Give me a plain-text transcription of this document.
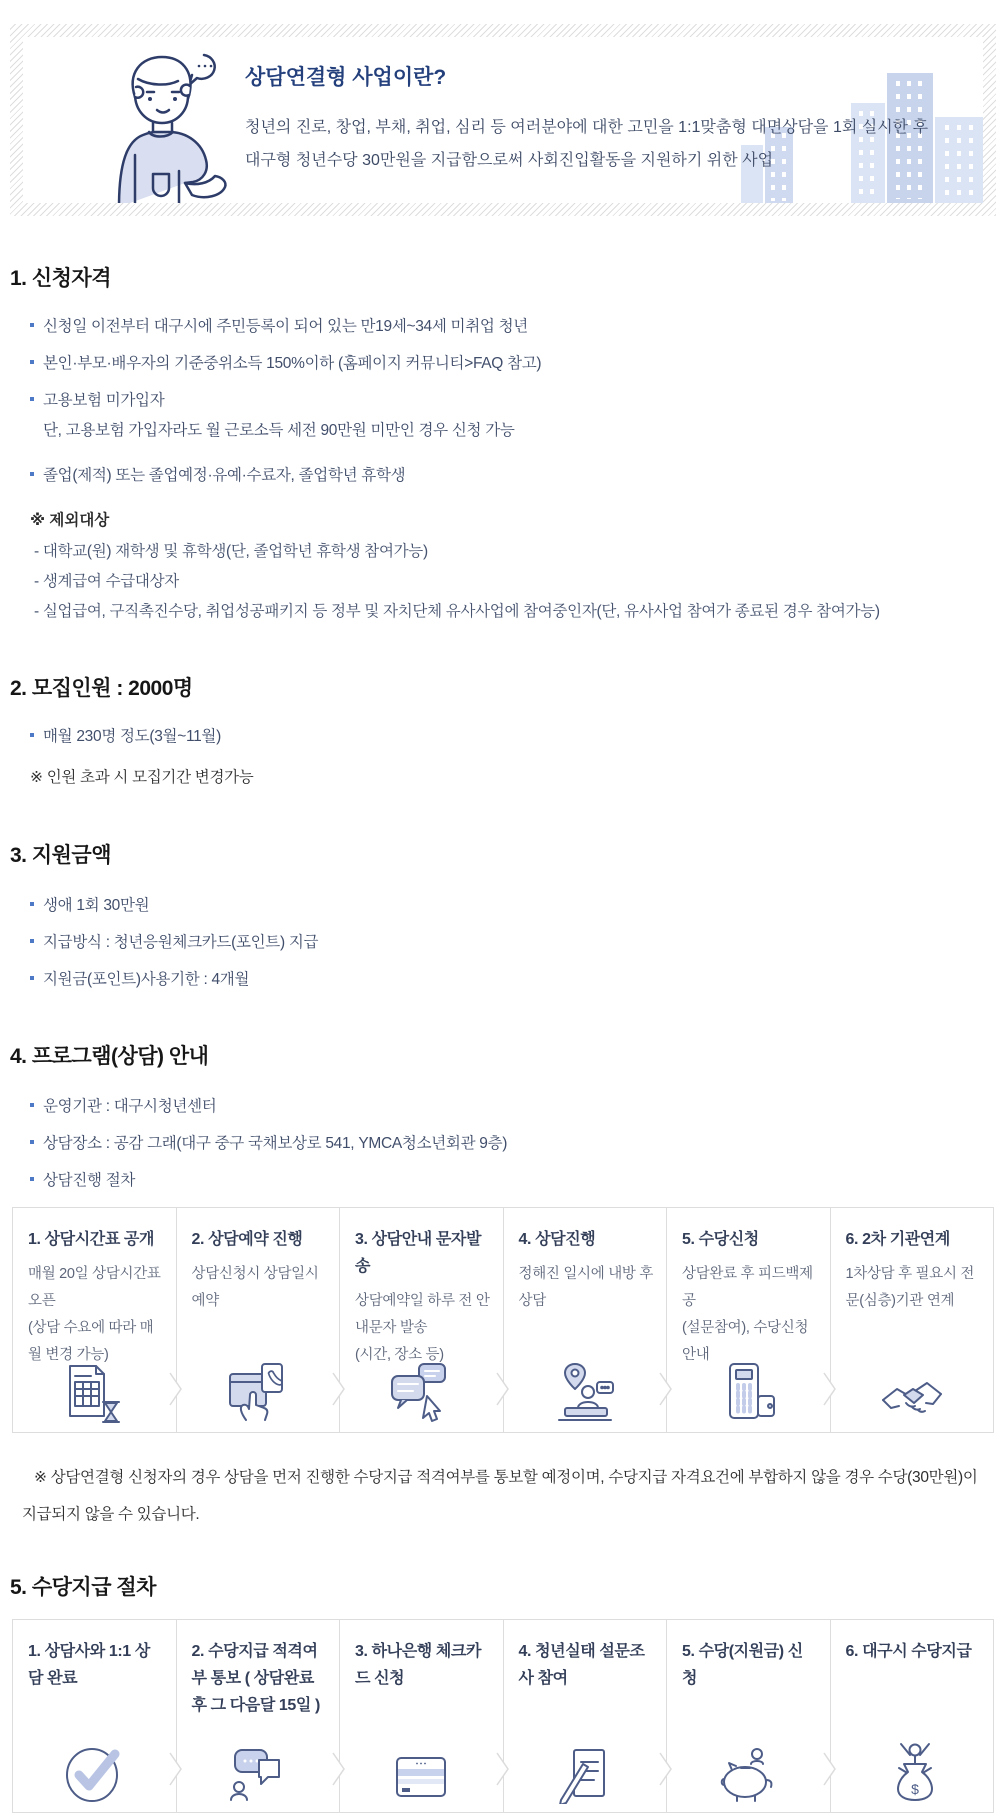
상담연결형 사업이란?

청년의 진로, 창업, 부채, 취업, 심리 등 여러분야에 대한 고민을 1:1맞춤형 대면상담을 1회 실시한 후

대구형 청년수당 30만원을 지급함으로써 사회진입활동을 지원하기 위한 사업

1. 신청자격
신청일 이전부터 대구시에 주민등록이 되어 있는 만19세~34세 미취업 청년
본인·부모·배우자의 기준중위소득 150%이하 (홈페이지 커뮤니티>FAQ 참고)
고용보험 미가입자
단, 고용보험 가입자라도 월 근로소득 세전 90만원 미만인 경우 신청 가능
졸업(제적) 또는 졸업예정·유예·수료자, 졸업학년 휴학생

※ 제외대상

- 대학교(원) 재학생 및 휴학생(단, 졸업학년 휴학생 참여가능)

- 생계급여 수급대상자

- 실업급여, 구직촉진수당, 취업성공패키지 등 정부 및 자치단체 유사사업에 참여중인자(단, 유사사업 참여가 종료된 경우 참여가능)

2. 모집인원 : 2000명
매월 230명 정도(3월~11월)

※ 인원 초과 시 모집기간 변경가능

3. 지원금액
생애 1회 30만원
지급방식 : 청년응원체크카드(포인트) 지급
지원금(포인트)사용기한 : 4개월
4. 프로그램(상담) 안내
운영기관 : 대구시청년센터
상담장소 : 공감 그래(대구 중구 국채보상로 541, YMCA청소년회관 9층)
상담진행 절차

1. 상담시간표 공개

매월 20일 상담시간표 오픈

(상담 수요에 따라 매월 변경 가능)

2. 상담예약 진행

상담신청시 상담일시 예약

3. 상담안내 문자발송

상담예약일 하루 전 안내문자 발송

(시간, 장소 등)

4. 상담진행

정해진 일시에 내방 후 상담

5. 수당신청

상담완료 후 피드백제공

(설문참여), 수당신청 안내

6. 2차 기관연계

1차상담 후 필요시 전문(심층)기관 연계

※ 상담연결형 신청자의 경우 상담을 먼저 진행한 수당지급 적격여부를 통보할 예정이며, 수당지급 자격요건에 부합하지 않을 경우 수당(30만원)이 지급되지 않을 수 있습니다.

5. 수당지급 절차

1. 상담사와 1:1 상담 완료

2. 수당지급 적격여부 통보 ( 상담완료 후 그 다음달 15일 )

3. 하나은행 체크카드 신청

4. 청년실태 설문조사 참여

5. 수당(지원금) 신청

6. 대구시 수당지급

$
